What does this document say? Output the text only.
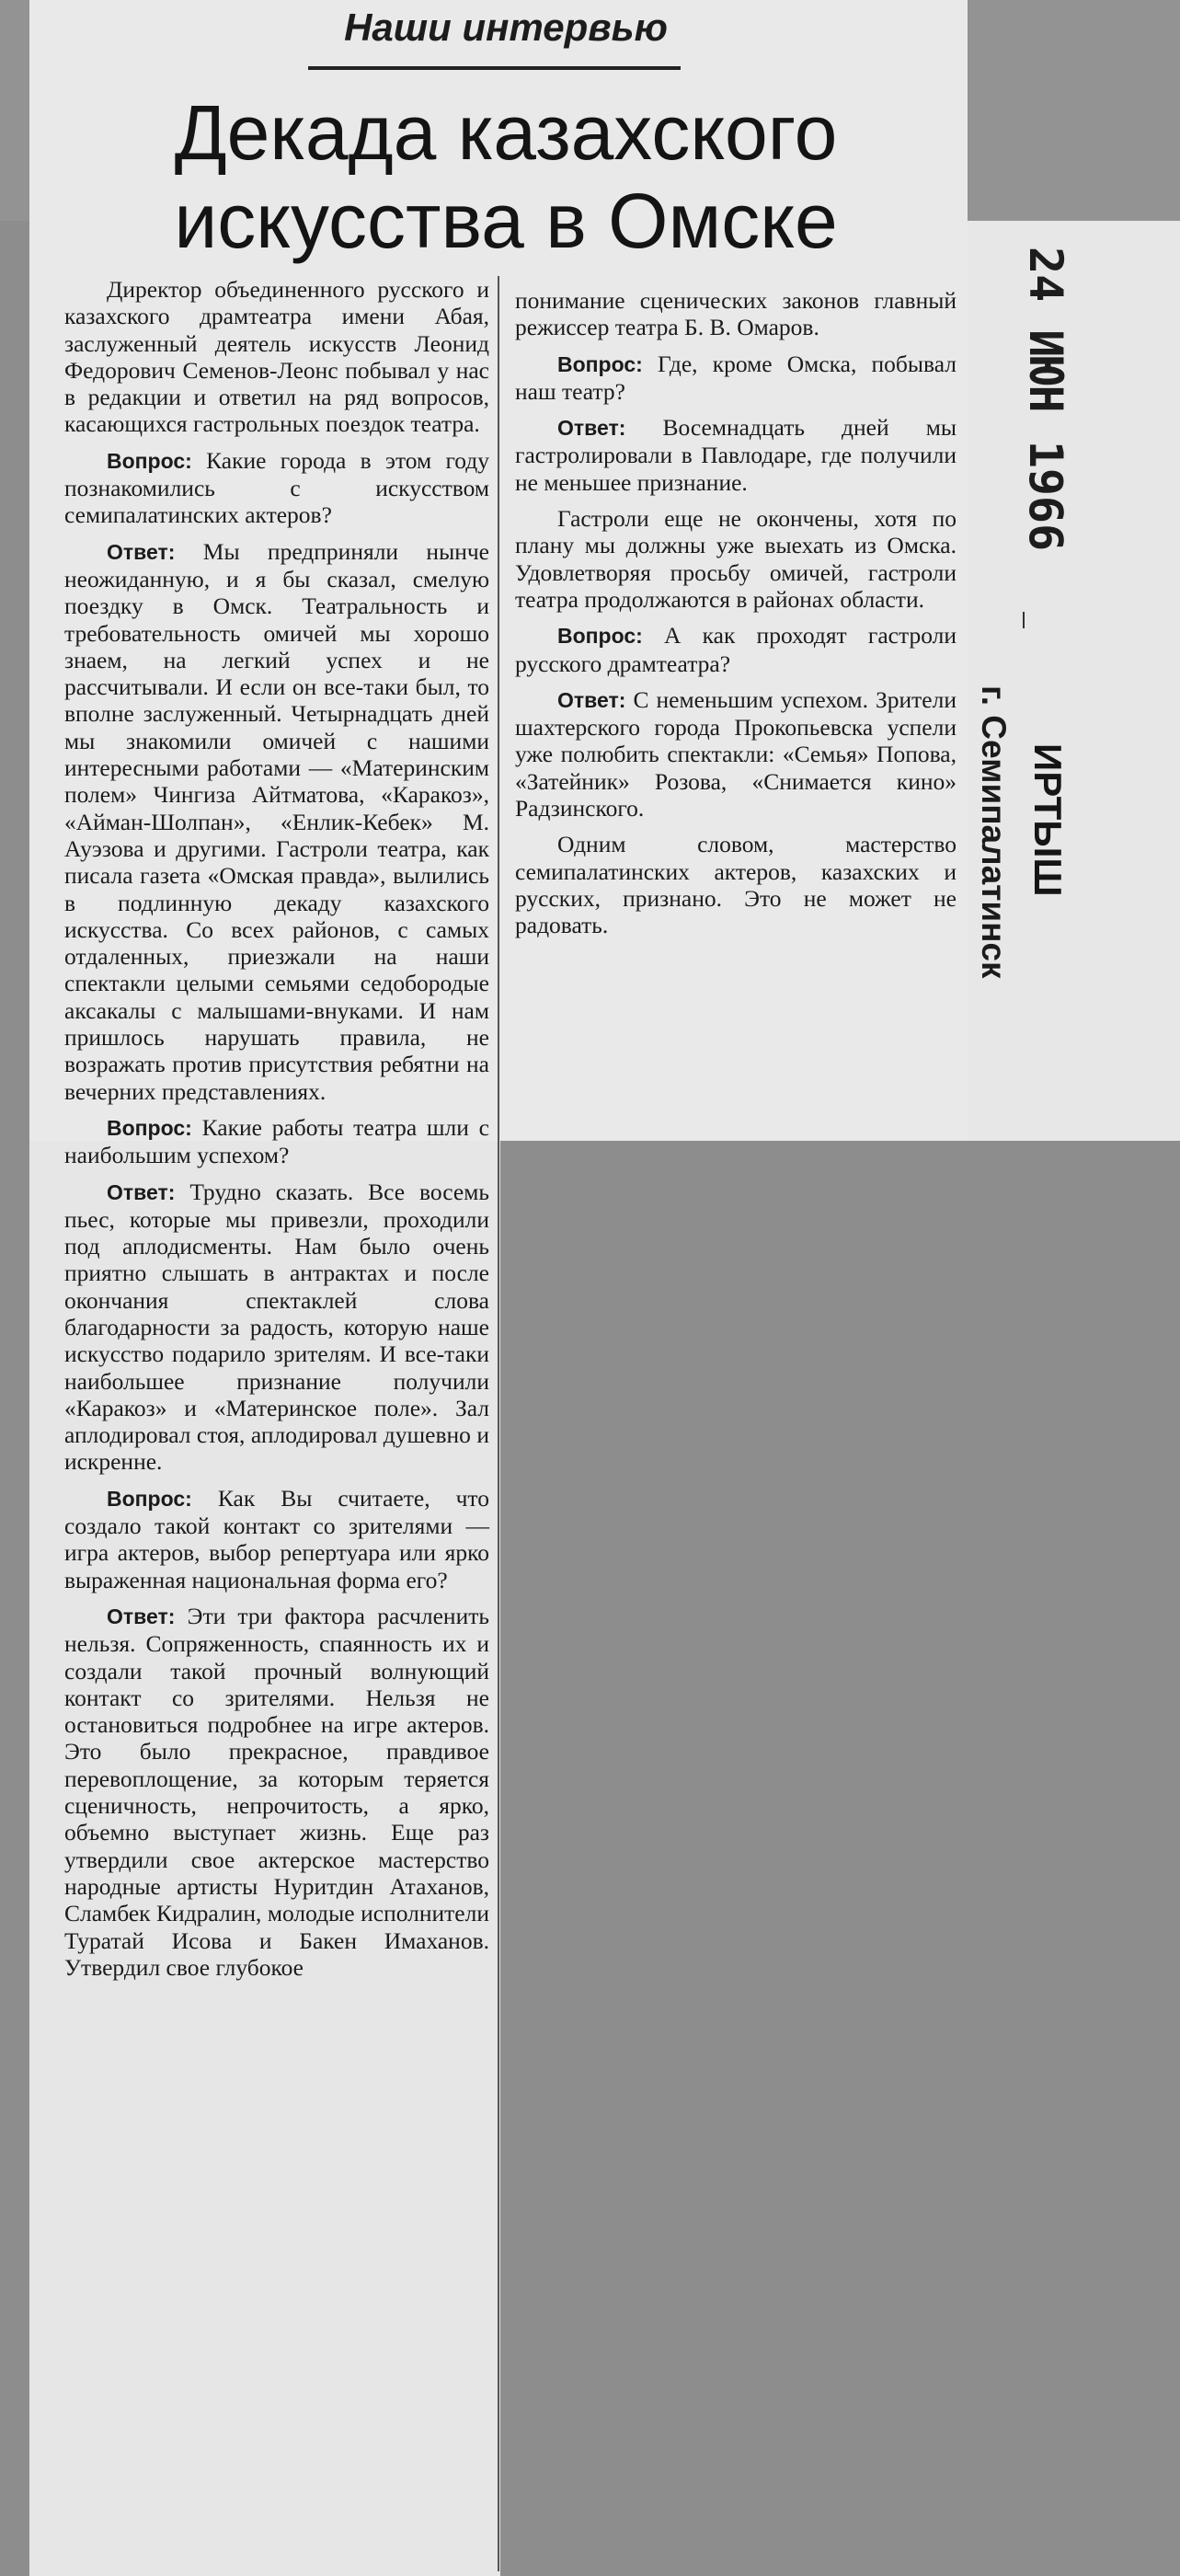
Наши интервью
Декада казахского
искусства в Омске

Директор объединенного русского и казахского драмтеатра имени Абая, заслуженный деятель искусств Леонид Федорович Семенов-Леонс побывал у нас в редакции и ответил на ряд вопросов, касающихся гастрольных поездок театра.

Вопрос: Какие города в этом году познакомились с искусством семипалатинских актеров?

Ответ: Мы предприняли нынче неожиданную, и я бы сказал, смелую поездку в Омск. Театральность и требовательность омичей мы хорошо знаем, на легкий успех и не рассчитывали. И если он все-таки был, то вполне заслуженный. Четырнадцать дней мы знакомили омичей с нашими интересными работами — «Материнским полем» Чингиза Айтматова, «Каракоз», «Айман-Шолпан», «Енлик-Кебек» М. Ауэзова и другими. Гастроли театра, как писала газета «Омская правда», вылились в подлинную декаду казахского искусства. Со всех районов, с самых отдаленных, приезжали на наши спектакли целыми семьями седобородые аксакалы с малышами-внуками. И нам пришлось нарушать правила, не возражать против присутствия ребятни на вечерних представлениях.

Вопрос: Какие работы театра шли с наибольшим успехом?

Ответ: Трудно сказать. Все восемь пьес, которые мы привезли, проходили под аплодисменты. Нам было очень приятно слышать в антрактах и после окончания спектаклей слова благодарности за радость, которую наше искусство подарило зрителям. И все-таки наибольшее признание получили «Каракоз» и «Материнское поле». Зал аплодировал стоя, аплодировал душевно и искренне.

Вопрос: Как Вы считаете, что создало такой контакт со зрителями — игра актеров, выбор репертуара или ярко выраженная национальная форма его?

Ответ: Эти три фактора расчленить нельзя. Сопряженность, спаянность их и создали такой прочный волнующий контакт со зрителями. Нельзя не остановиться подробнее на игре актеров. Это было прекрасное, правдивое перевоплощение, за которым теряется сценичность, непрочитость, а ярко, объемно выступает жизнь. Еще раз утвердили свое актерское мастерство народные артисты Нуритдин Атаханов, Сламбек Кидралин, молодые исполнители Туратай Исова и Бакен Имаханов. Утвердил свое глубокое

понимание сценических законов главный режиссер театра Б. В. Омаров.

Вопрос: Где, кроме Омска, побывал наш театр?

Ответ: Восемнадцать дней мы гастролировали в Павлодаре, где получили не меньшее признание.

Гастроли еще не окончены, хотя по плану мы должны уже выехать из Омска. Удовлетворяя просьбу омичей, гастроли театра продолжаются в районах области.

Вопрос: А как проходят гастроли русского драмтеатра?

Ответ: С неменьшим успехом. Зрители шахтерского города Прокопьевска успели уже полюбить спектакли: «Семья» Попова, «Затейник» Розова, «Снимается кино» Радзинского.

Одним словом, мастерство семипалатинских актеров, казахских и русских, признано. Это не может не радовать.

24 ИЮН 1966
ИРТЫШ
г. Семипалатинск
